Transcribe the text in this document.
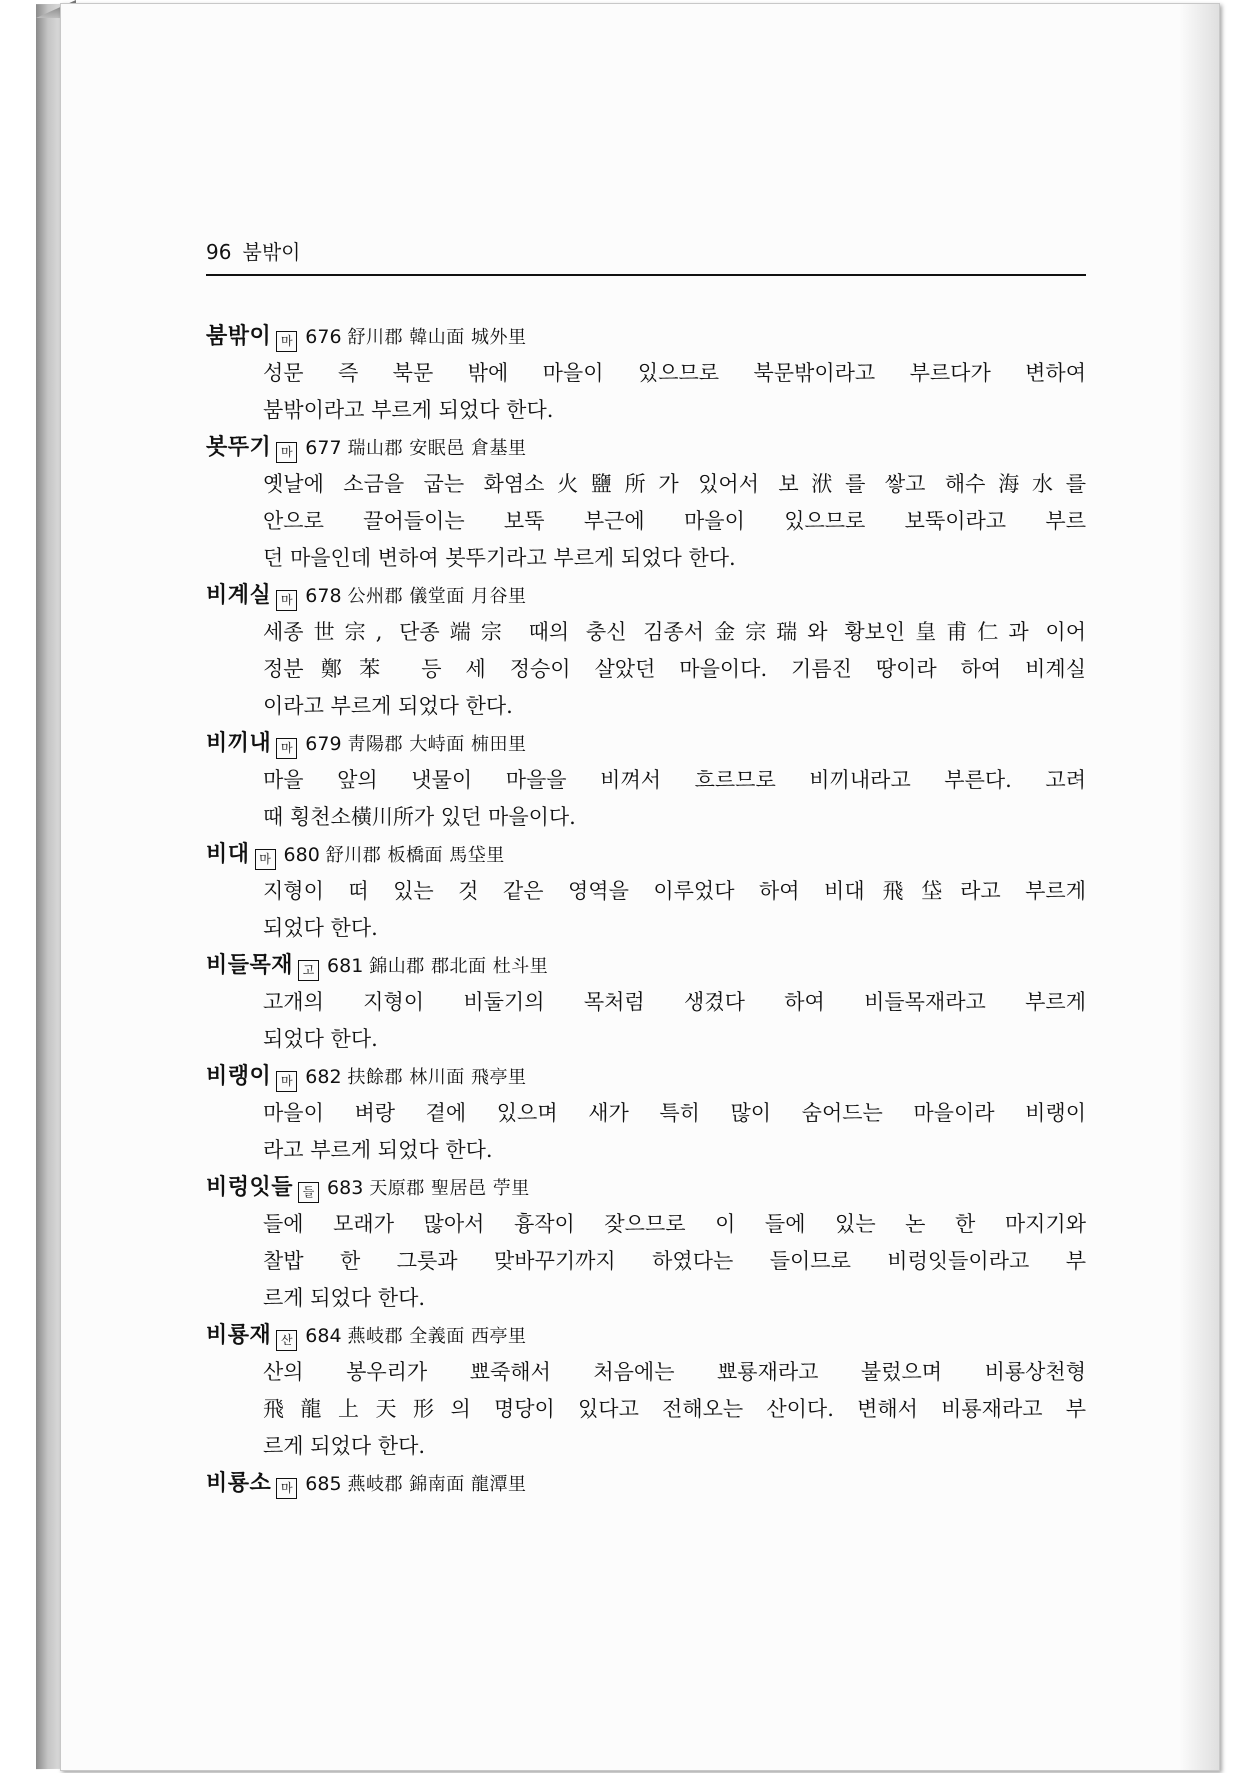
96 붐밖이
붐밖이 마 676 舒川郡 韓山面 城外里
성문 즉 북문 밖에 마을이 있으므로 북문밖이라고 부르다가 변하여
붐밖이라고 부르게 되었다 한다.
봇뚜기 마 677 瑞山郡 安眠邑 倉基里
옛날에 소금을 굽는 화염소火鹽所가 있어서 보洑를 쌓고 해수海水를
안으로 끌어들이는 보뚝 부근에 마을이 있으므로 보뚝이라고 부르
던 마을인데 변하여 봇뚜기라고 부르게 되었다 한다.
비계실 마 678 公州郡 儀堂面 月谷里
세종世宗, 단종端宗 때의 충신 김종서金宗瑞와 황보인皇甫仁과 이어
정분鄭苯 등 세 정승이 살았던 마을이다. 기름진 땅이라 하여 비계실
이라고 부르게 되었다 한다.
비끼내 마 679 靑陽郡 大峙面 枾田里
마을 앞의 냇물이 마을을 비껴서 흐르므로 비끼내라고 부른다. 고려
때 횡천소橫川所가 있던 마을이다.
비대 마 680 舒川郡 板橋面 馬垈里
지형이 떠 있는 것 같은 영역을 이루었다 하여 비대飛垈라고 부르게
되었다 한다.
비들목재 고 681 錦山郡 郡北面 杜斗里
고개의 지형이 비둘기의 목처럼 생겼다 하여 비들목재라고 부르게
되었다 한다.
비랭이 마 682 扶餘郡 林川面 飛亭里
마을이 벼랑 곁에 있으며 새가 특히 많이 숨어드는 마을이라 비랭이
라고 부르게 되었다 한다.
비렁잇들 들 683 天原郡 聖居邑 苧里
들에 모래가 많아서 흉작이 잦으므로 이 들에 있는 논 한 마지기와
찰밥 한 그릇과 맞바꾸기까지 하였다는 들이므로 비렁잇들이라고 부
르게 되었다 한다.
비룡재 산 684 燕岐郡 全義面 西亭里
산의 봉우리가 뾰죽해서 처음에는 뾰룡재라고 불렀으며 비룡상천형
飛龍上天形의 명당이 있다고 전해오는 산이다. 변해서 비룡재라고 부
르게 되었다 한다.
비룡소 마 685 燕岐郡 錦南面 龍潭里
